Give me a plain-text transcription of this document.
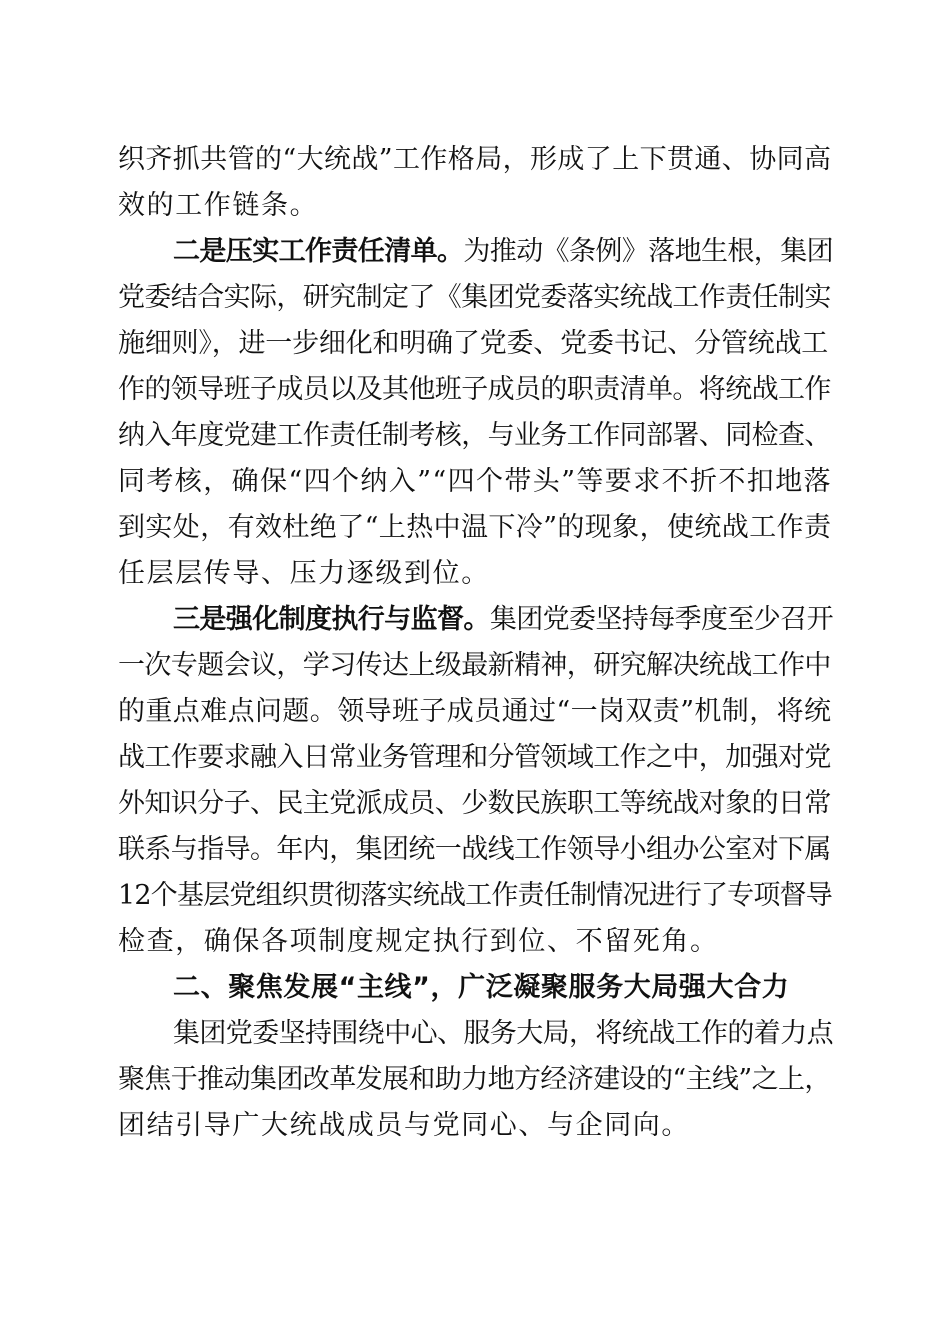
织齐抓共管的“大统战”工作格局，形成了上下贯通、协同高
效的工作链条。
二是压实工作责任清单。为推动《条例》落地生根，集团
党委结合实际，研究制定了《集团党委落实统战工作责任制实
施细则》，进一步细化和明确了党委、党委书记、分管统战工
作的领导班子成员以及其他班子成员的职责清单。将统战工作
纳入年度党建工作责任制考核，与业务工作同部署、同检查、
同考核，确保“四个纳入”“四个带头”等要求不折不扣地落
到实处，有效杜绝了“上热中温下冷”的现象，使统战工作责
任层层传导、压力逐级到位。
三是强化制度执行与监督。集团党委坚持每季度至少召开
一次专题会议，学习传达上级最新精神，研究解决统战工作中
的重点难点问题。领导班子成员通过“一岗双责”机制，将统
战工作要求融入日常业务管理和分管领域工作之中，加强对党
外知识分子、民主党派成员、少数民族职工等统战对象的日常
联系与指导。年内，集团统一战线工作领导小组办公室对下属
12个基层党组织贯彻落实统战工作责任制情况进行了专项督导
检查，确保各项制度规定执行到位、不留死角。
二、聚焦发展“主线”，广泛凝聚服务大局强大合力
集团党委坚持围绕中心、服务大局，将统战工作的着力点
聚焦于推动集团改革发展和助力地方经济建设的“主线”之上，
团结引导广大统战成员与党同心、与企同向。
